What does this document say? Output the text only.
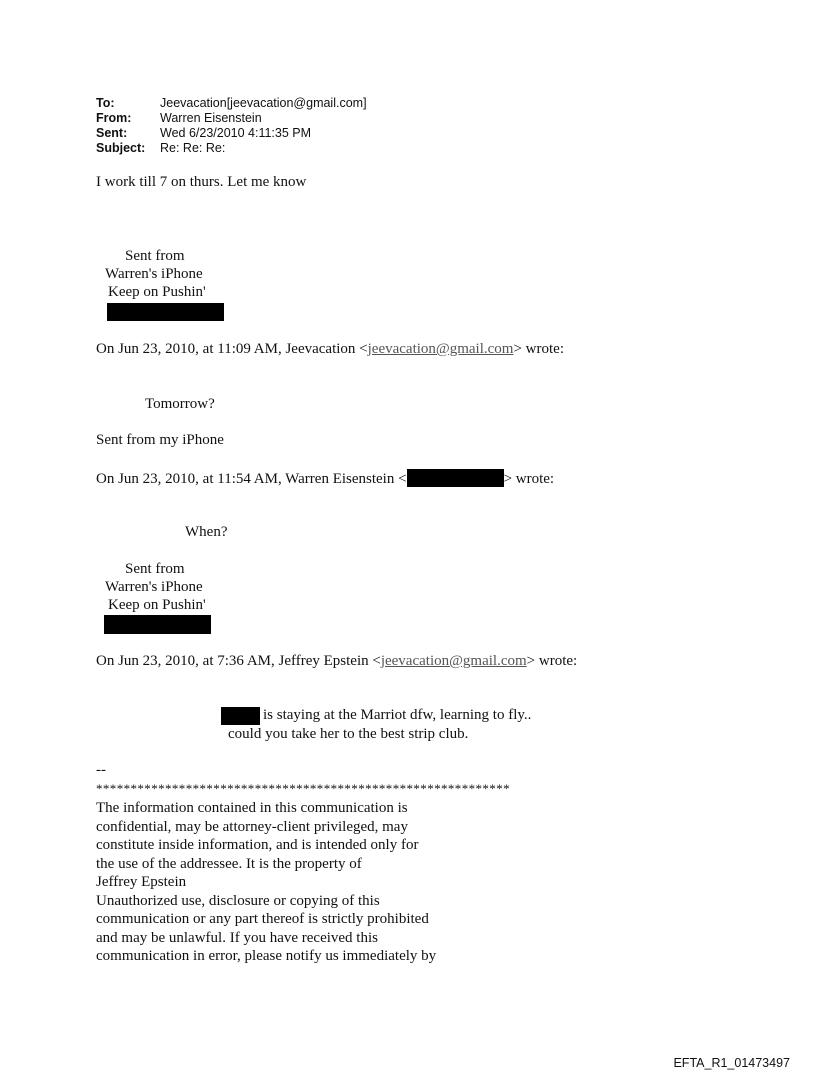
To:	Jeevacation[jeevacation@gmail.com]
From:	Warren Eisenstein
Sent:	Wed 6/23/2010 4:11:35 PM
Subject:	Re: Re: Re:
I work till 7 on thurs. Let me know
Sent from
Warren's iPhone
Keep on Pushin'
On Jun 23, 2010, at 11:09 AM, Jeevacation <jeevacation@gmail.com> wrote:
Tomorrow?
Sent from my iPhone
On Jun 23, 2010, at 11:54 AM, Warren Eisenstein <	> wrote:
When?
Sent from
Warren's iPhone
Keep on Pushin'
On Jun 23, 2010, at 7:36 AM, Jeffrey Epstein <jeevacation@gmail.com> wrote:
is staying at the Marriot dfw, learning to fly..
could you take her to the best strip club.
--
************************************************************
The information contained in this communication is
confidential, may be attorney-client privileged, may
constitute inside information, and is intended only for
the use of the addressee. It is the property of
Jeffrey Epstein
Unauthorized use, disclosure or copying of this
communication or any part thereof is strictly prohibited
and may be unlawful. If you have received this
communication in error, please notify us immediately by
EFTA_R1_01473497
